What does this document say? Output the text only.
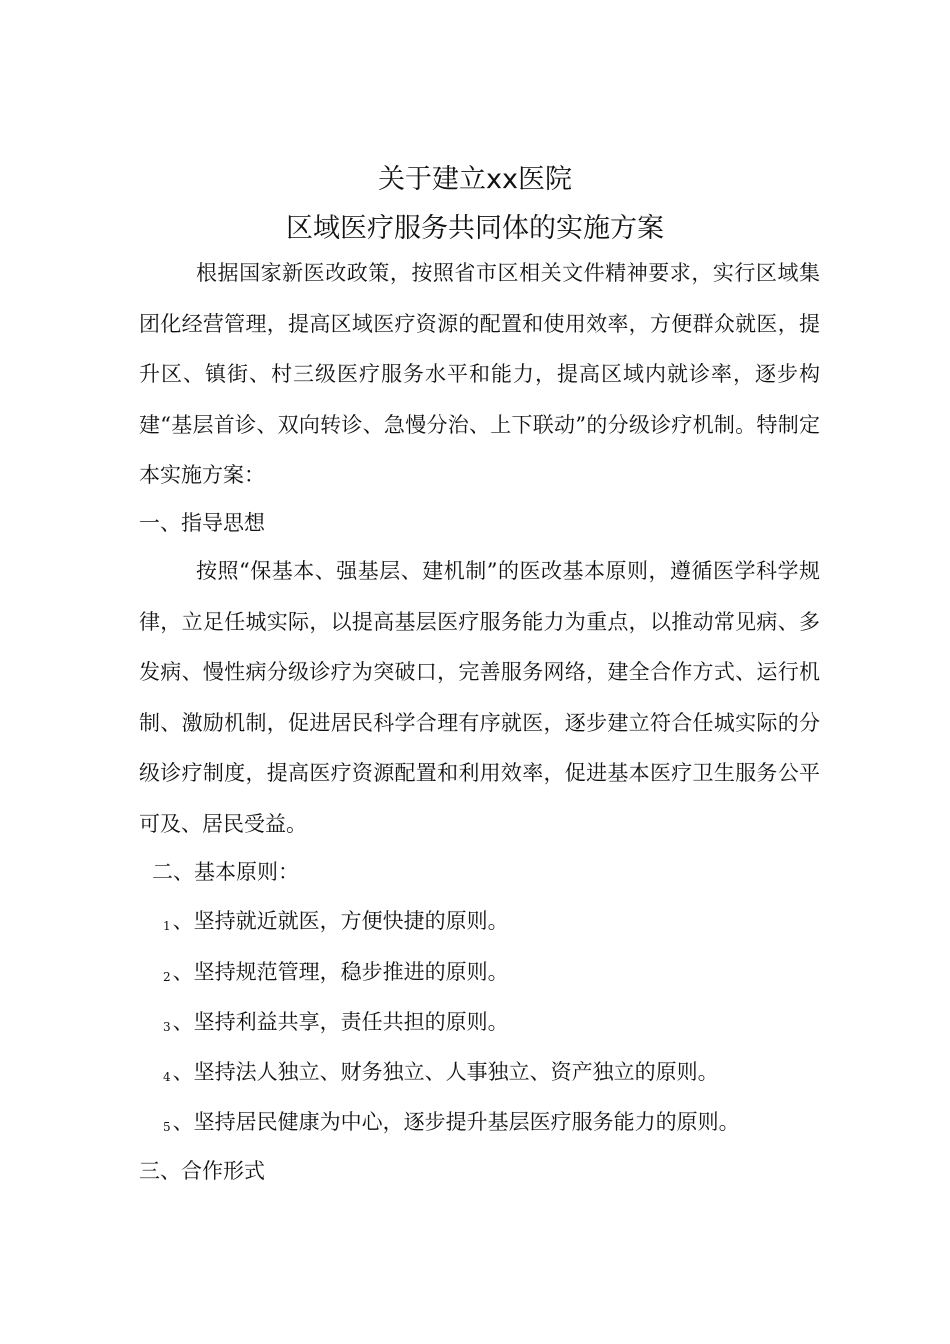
关于建立xx医院
区域医疗服务共同体的实施方案

根据国家新医改政策，按照省市区相关文件精神要求，实行区域集团化经营管理，提高区域医疗资源的配置和使用效率，方便群众就医，提升区、镇街、村三级医疗服务水平和能力，提高区域内就诊率，逐步构建“基层首诊、双向转诊、急慢分治、上下联动”的分级诊疗机制。特制定本实施方案：

一、指导思想

按照“保基本、强基层、建机制”的医改基本原则，遵循医学科学规律，立足任城实际，以提高基层医疗服务能力为重点，以推动常见病、多发病、慢性病分级诊疗为突破口，完善服务网络，建全合作方式、运行机制、激励机制，促进居民科学合理有序就医，逐步建立符合任城实际的分级诊疗制度，提高医疗资源配置和利用效率，促进基本医疗卫生服务公平可及、居民受益。

二、基本原则：
1、坚持就近就医，方便快捷的原则。
2、坚持规范管理，稳步推进的原则。
3、坚持利益共享，责任共担的原则。
4、坚持法人独立、财务独立、人事独立、资产独立的原则。
5、坚持居民健康为中心，逐步提升基层医疗服务能力的原则。
三、合作形式
